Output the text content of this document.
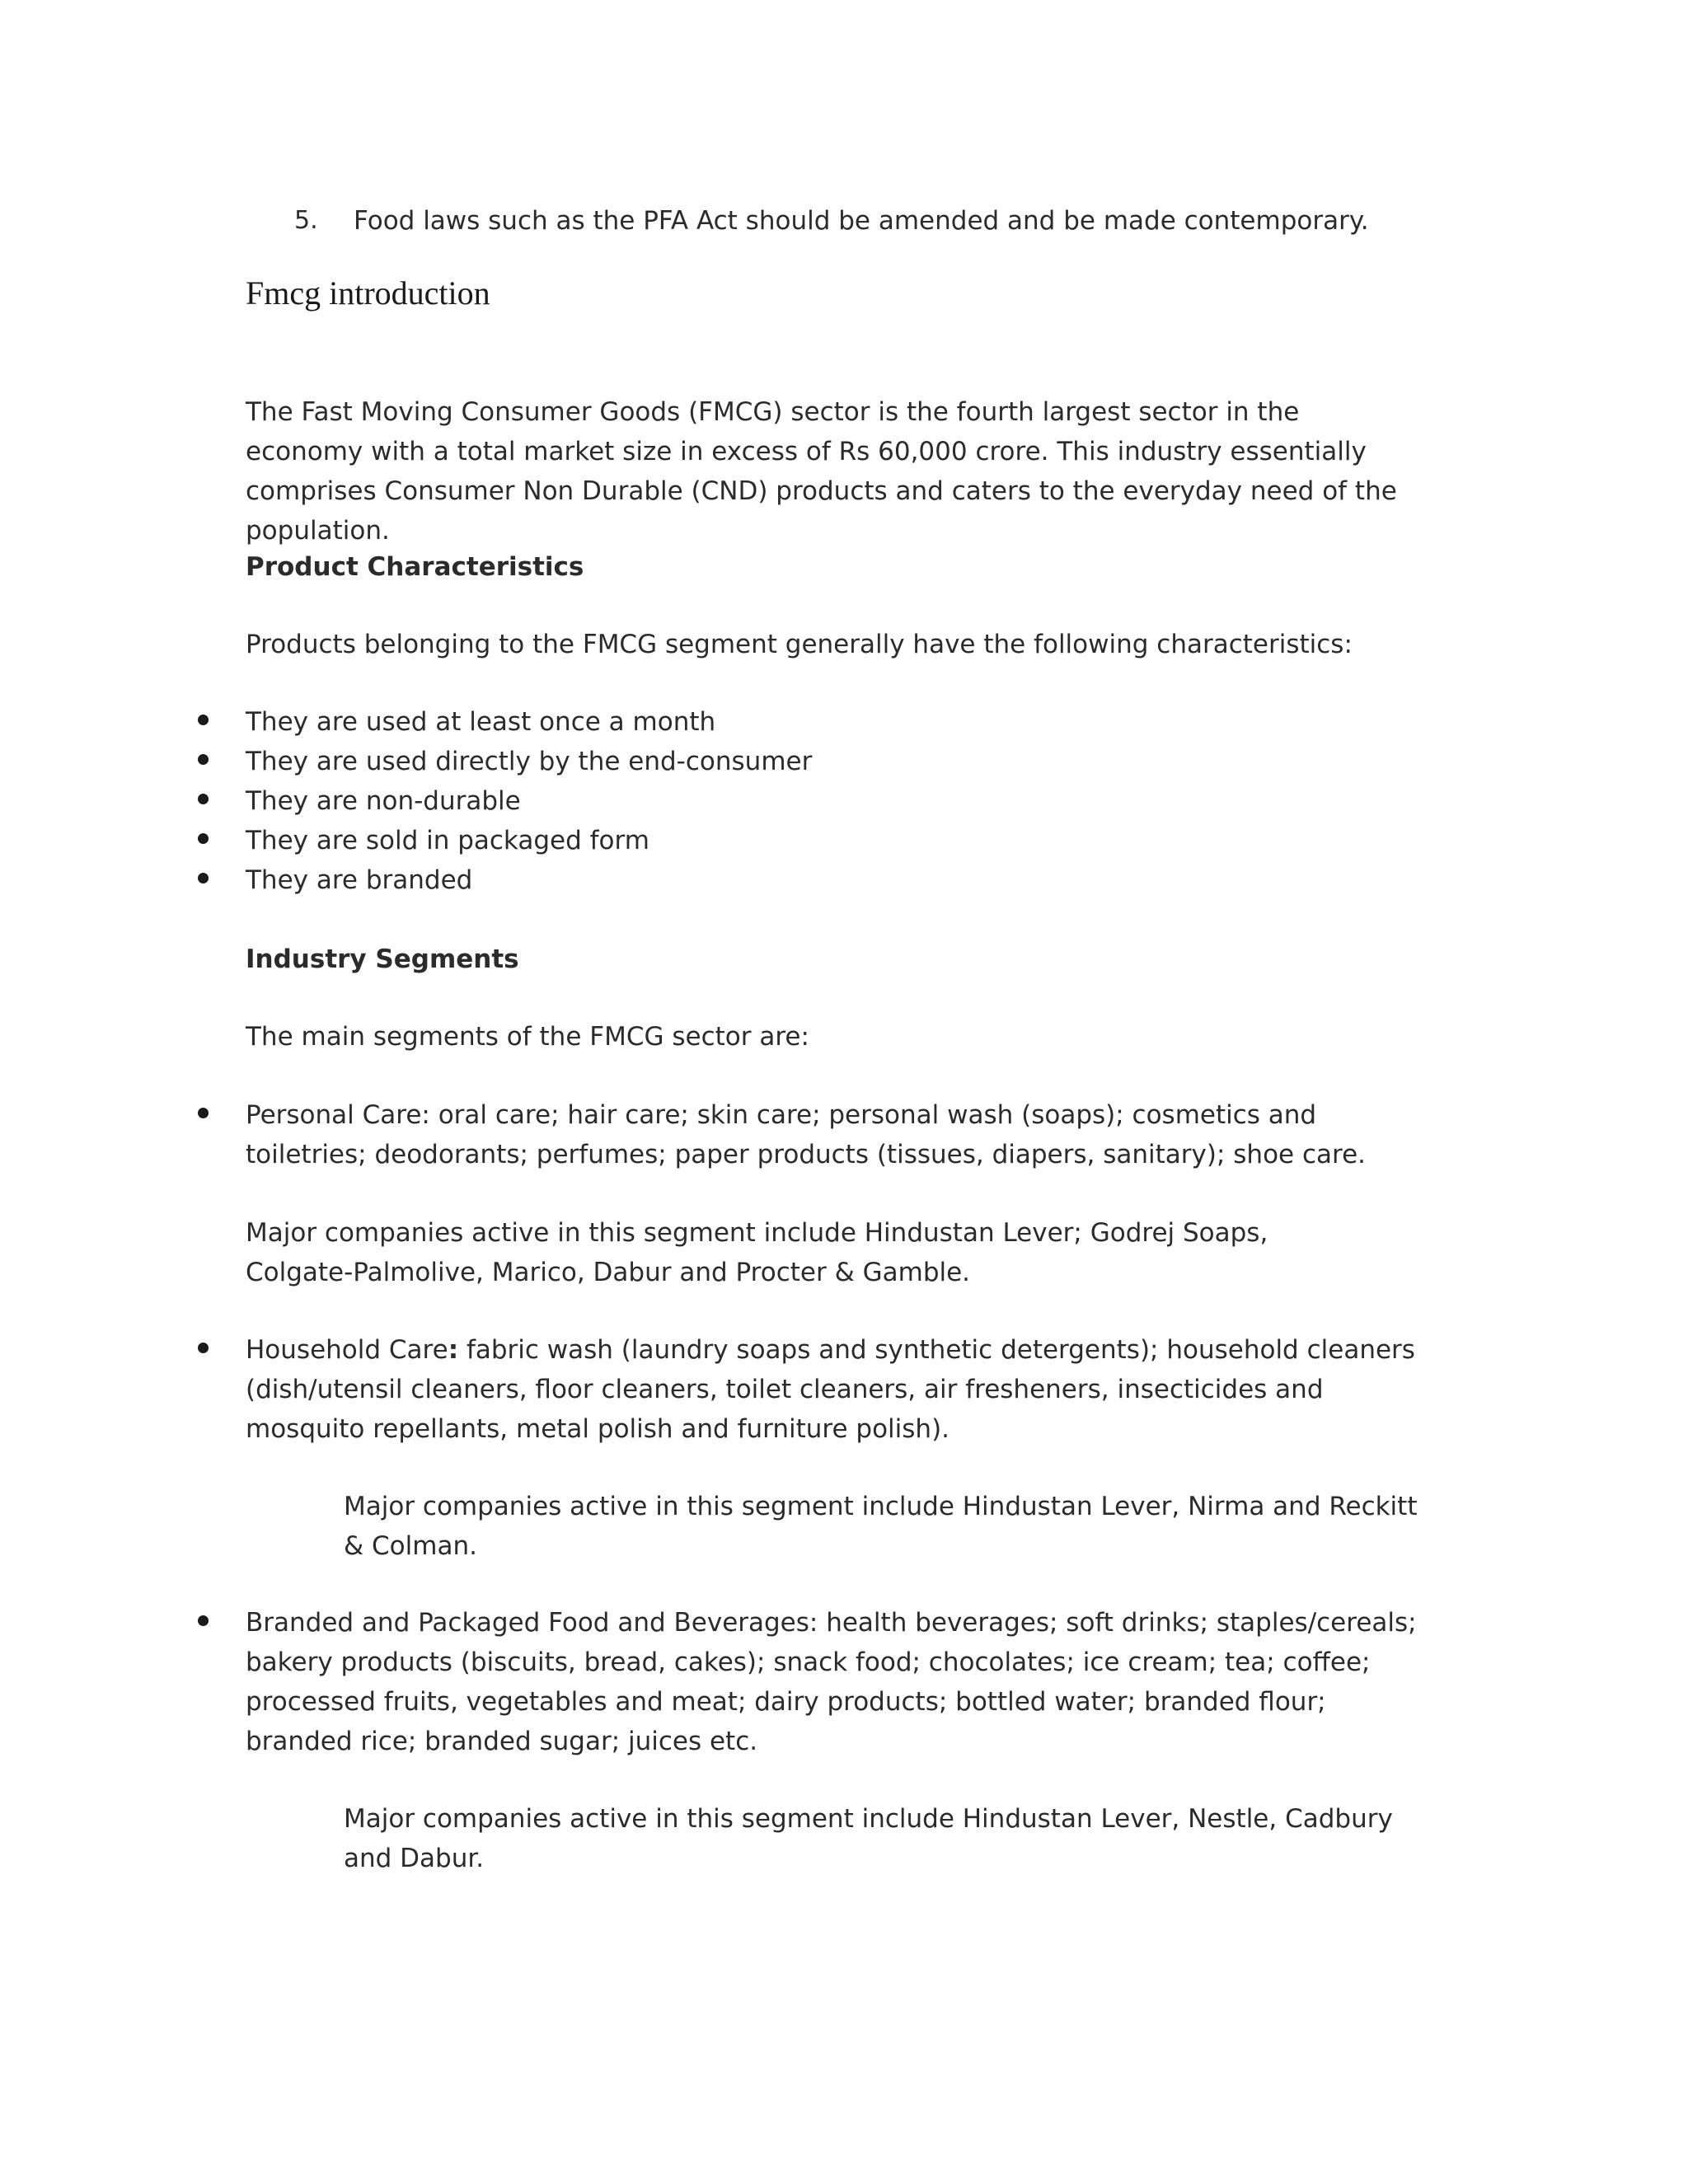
5. Food laws such as the PFA Act should be amended and be made contemporary.

Fmcg introduction

The Fast Moving Consumer Goods (FMCG) sector is the fourth largest sector in the economy with a total market size in excess of Rs 60,000 crore. This industry essentially comprises Consumer Non Durable (CND) products and caters to the everyday need of the population.

Product Characteristics

Products belonging to the FMCG segment generally have the following characteristics:

They are used at least once a month

They are used directly by the end-consumer

They are non-durable

They are sold in packaged form

They are branded

Industry Segments

The main segments of the FMCG sector are:

Personal Care: oral care; hair care; skin care; personal wash (soaps); cosmetics and toiletries; deodorants; perfumes; paper products (tissues, diapers, sanitary); shoe care.

Major companies active in this segment include Hindustan Lever; Godrej Soaps, Colgate-Palmolive, Marico, Dabur and Procter & Gamble.

Household Care: fabric wash (laundry soaps and synthetic detergents); household cleaners (dish/utensil cleaners, floor cleaners, toilet cleaners, air fresheners, insecticides and mosquito repellants, metal polish and furniture polish).

Major companies active in this segment include Hindustan Lever, Nirma and Reckitt & Colman.

Branded and Packaged Food and Beverages: health beverages; soft drinks; staples/cereals; bakery products (biscuits, bread, cakes); snack food; chocolates; ice cream; tea; coffee; processed fruits, vegetables and meat; dairy products; bottled water; branded flour; branded rice; branded sugar; juices etc.

Major companies active in this segment include Hindustan Lever, Nestle, Cadbury and Dabur.
